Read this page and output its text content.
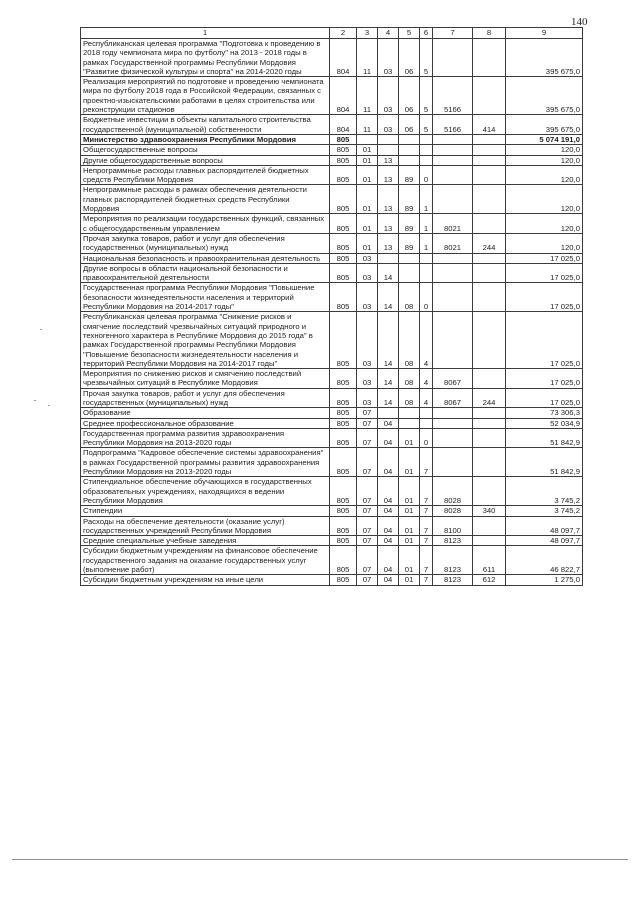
140
1	2	3	4	5	6	7	8	9
Республиканская целевая программа "Подготовка к проведению в 2018 году чемпионата мира по футболу" на 2013 - 2018 годы в рамках Государственной программы Республики Мордовия "Развитие физической культуры и спорта" на 2014-2020 годы	804	11	03	06	5			395 675,0
Реализация мероприятий по подготовке и проведению чемпионата мира по футболу 2018 года в Российской Федерации, связанных с проектно-изыскательскими работами в целях строительства или реконструкции стадионов	804	11	03	06	5	5166		395 675,0
Бюджетные инвестиции в объекты капитального строительства государственной (муниципальной) собственности	804	11	03	06	5	5166	414	395 675,0
Министерство здравоохранения Республики Мордовия	805							5 074 191,0
Общегосударственные вопросы	805	01						120,0
Другие общегосударственные вопросы	805	01	13					120,0
Непрограммные расходы главных распорядителей бюджетных средств Республики Мордовия	805	01	13	89	0			120,0
Непрограммные расходы в рамках обеспечения деятельности главных распорядителей бюджетных средств Республики Мордовия	805	01	13	89	1			120,0
Мероприятия по реализации государственных функций, связанных с общегосударственным управлением	805	01	13	89	1	8021		120,0
Прочая закупка товаров, работ и услуг для обеспечения государственных (муниципальных) нужд	805	01	13	89	1	8021	244	120,0
Национальная безопасность и правоохранительная деятельность	805	03						17 025,0
Другие вопросы в области национальной безопасности и правоохранительной деятельности	805	03	14					17 025,0
Государственная программа Республики Мордовия "Повышение безопасности жизнедеятельности населения и территорий Республики Мордовия на 2014-2017 годы"	805	03	14	08	0			17 025,0
Республиканская целевая программа "Снижение рисков и смягчение последствий чрезвычайных ситуаций природного и техногенного характера в Республике Мордовия до 2015 года" в рамках Государственной программы Республики Мордовия "Повышение безопасности жизнедеятельности населения и территорий Республики Мордовия на 2014-2017 годы"	805	03	14	08	4			17 025,0
Мероприятия по снижению рисков и смягчению последствий чрезвычайных ситуаций в Республике Мордовия	805	03	14	08	4	8067		17 025,0
Прочая закупка товаров, работ и услуг для обеспечения государственных (муниципальных) нужд	805	03	14	08	4	8067	244	17 025,0
Образование	805	07						73 306,3
Среднее профессиональное образование	805	07	04					52 034,9
Государственная программа развития здравоохранения Республики Мордовия на 2013-2020 годы	805	07	04	01	0			51 842,9
Подпрограмма "Кадровое обеспечение системы здравоохранения" в рамках Государственной программы развития здравоохранения Республики Мордовия на 2013-2020 годы	805	07	04	01	7			51 842,9
Стипендиальное обеспечение обучающихся в государственных образовательных учреждениях, находящихся в ведении Республики Мордовия	805	07	04	01	7	8028		3 745,2
Стипендии	805	07	04	01	7	8028	340	3 745,2
Расходы на обеспечение деятельности (оказание услуг) государственных учреждений Республики Мордовия	805	07	04	01	7	8100		48 097,7
Средние специальные учебные заведения	805	07	04	01	7	8123		48 097,7
Субсидии бюджетным учреждениям на финансовое обеспечение государственного задания на оказание государственных услуг (выполнение работ)	805	07	04	01	7	8123	611	46 822,7
Субсидии бюджетным учреждениям на иные цели	805	07	04	01	7	8123	612	1 275,0
